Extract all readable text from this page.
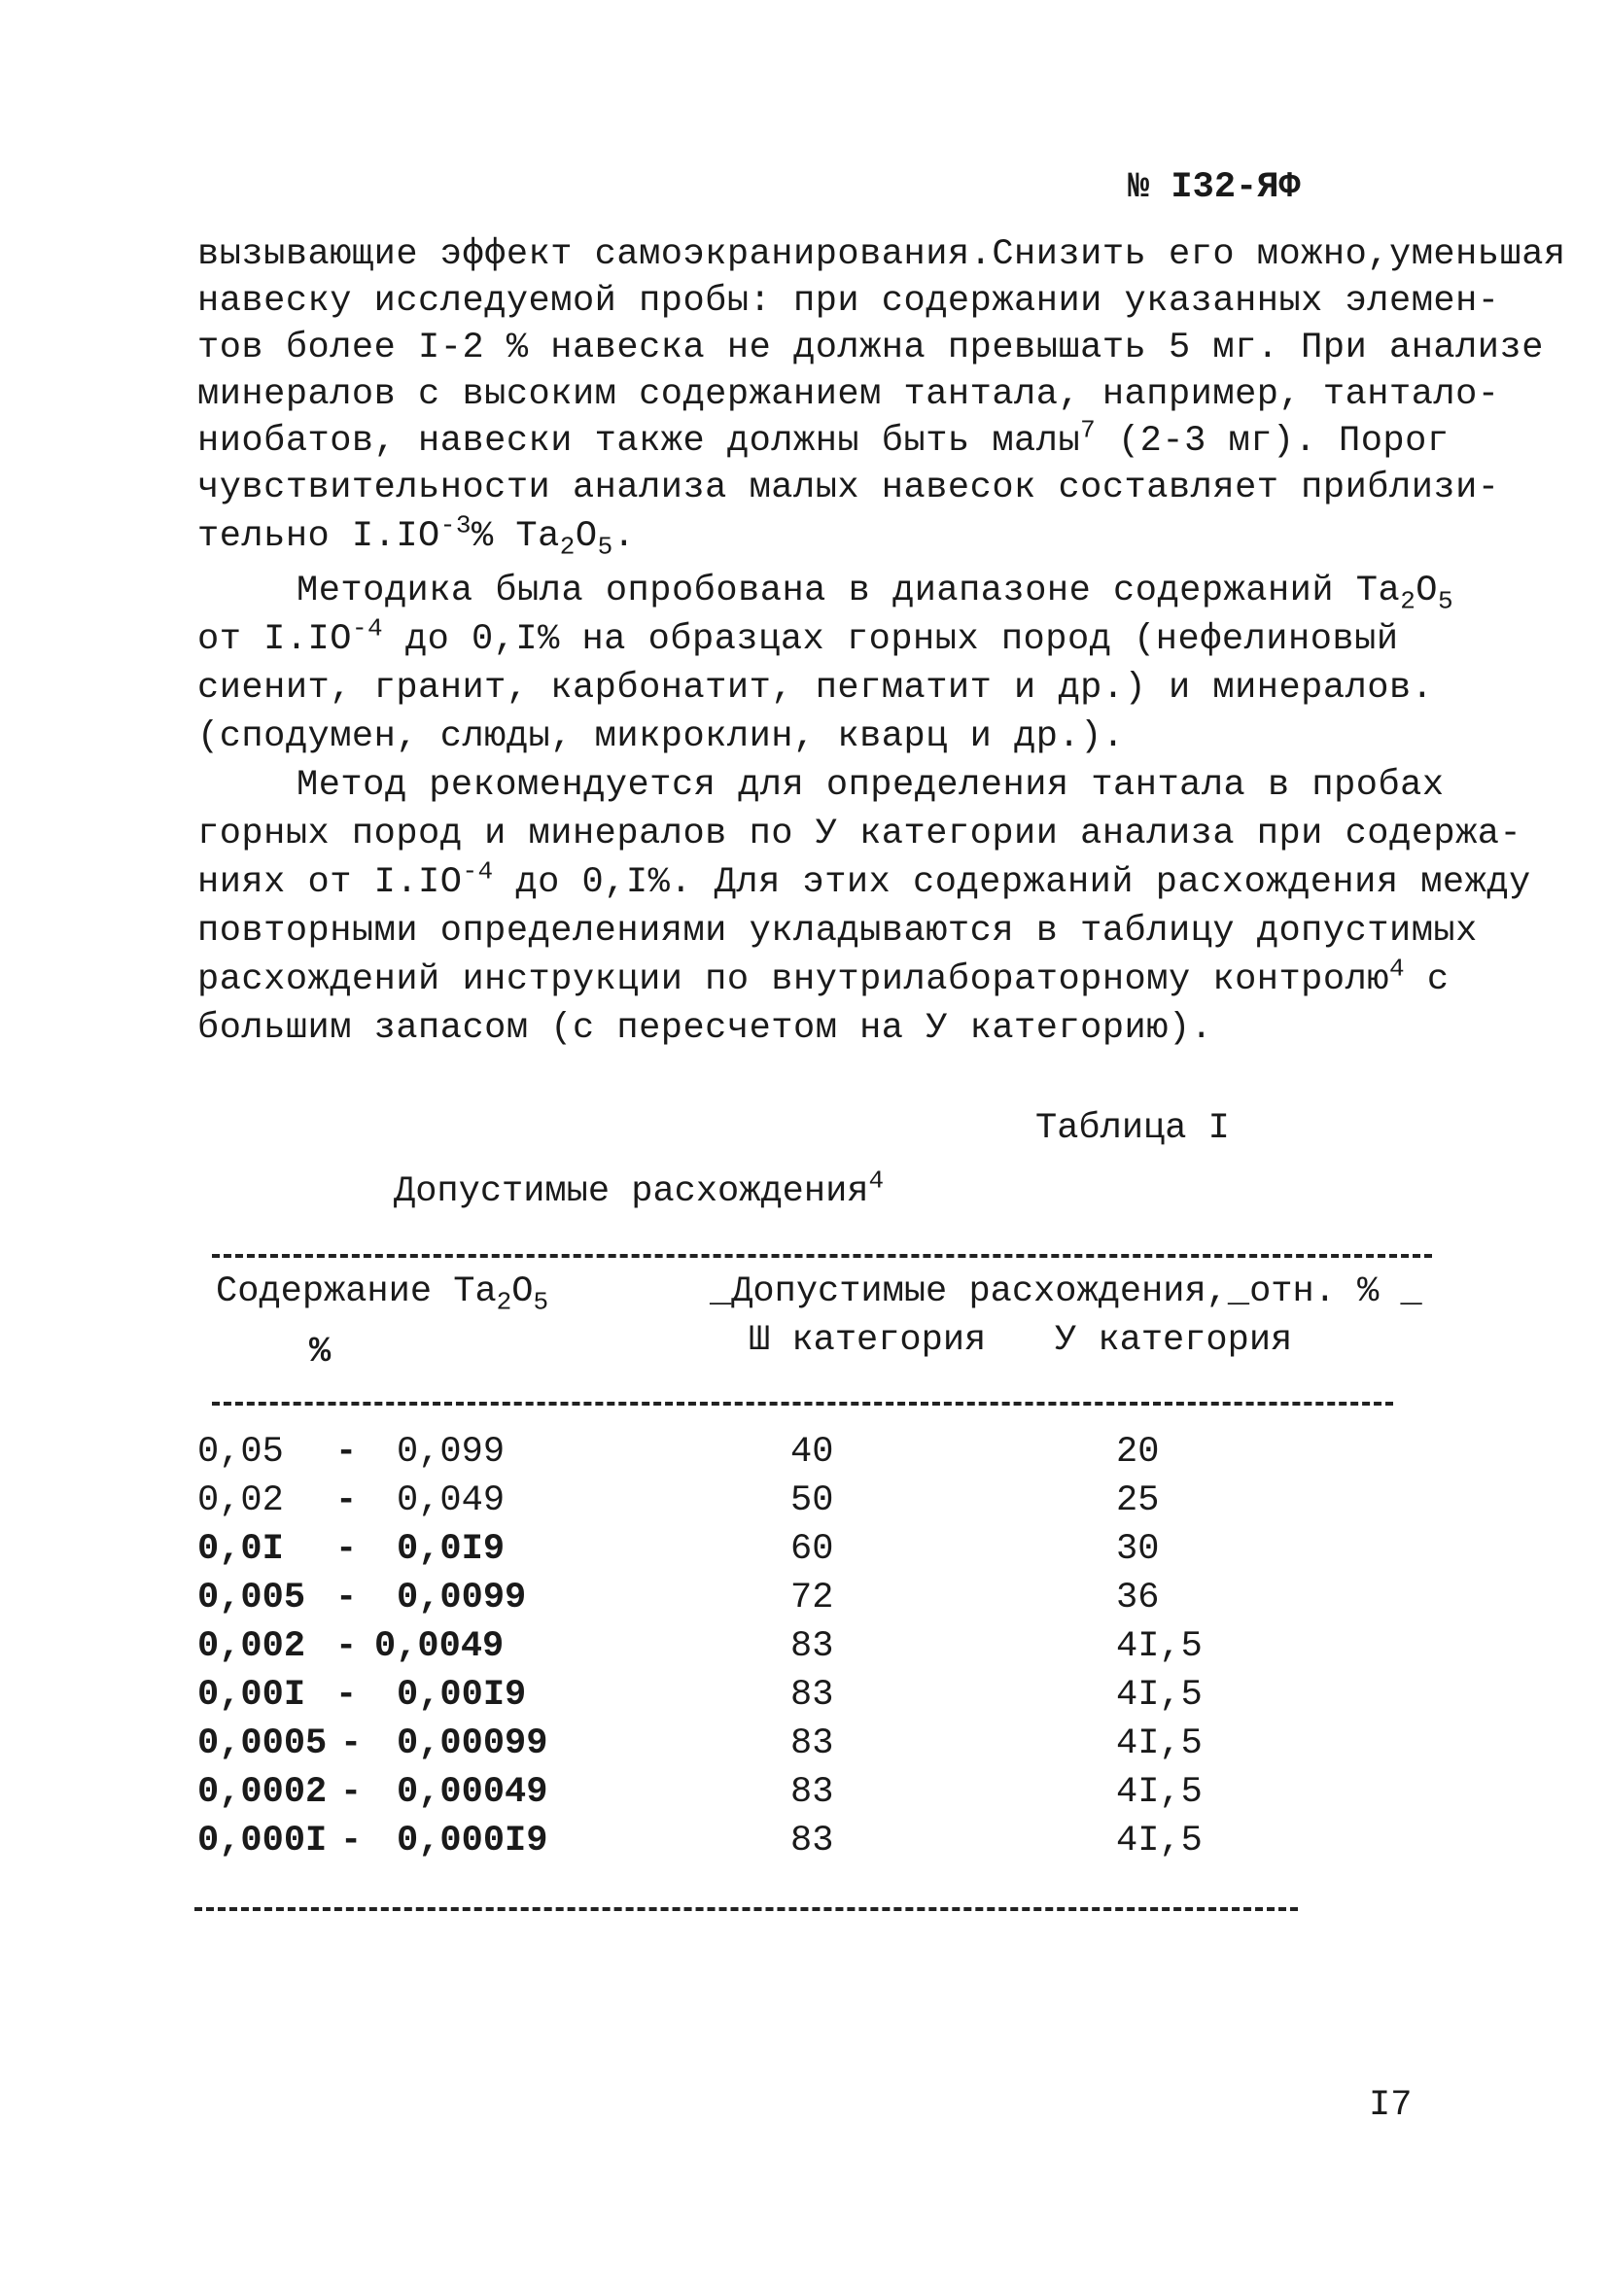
№ I32-ЯФ
вызывающие эффект самоэкранирования.Снизить его можно,уменьшая
навеску исследуемой пробы: при содержании указанных элемен-
тов более I-2 % навеска не должна превышать 5 мг. При анализе
минералов с высоким содержанием тантала, например, тантало-
ниобатов, навески также должны быть малы$^7$ (2-3 мг). Порог
чувствительности анализа малых навесок составляет приблизи-
тельно $I.IO^{-3}\%$ $Ta_2O_5$.
Методика была опробована в диапазоне содержаний $Ta_2O_5$
от $I.IO^{-4}$ до 0,I% на образцах горных пород (нефелиновый
сиенит, гранит, карбонатит, пегматит и др.) и минералов.
(сподумен, слюды, микроклин, кварц и др.).
Метод рекомендуется для определения тантала в пробах
горных пород и минералов по У категории анализа при содержа-
ниях от $I.IO^{-4}$ до 0,I%. Для этих содержаний расхождения между
повторными определениями укладываются в таблицу допустимых
расхождений инструкции по внутрилабораторному контролю$^4$ с
большим запасом (с пересчетом на У категорию).
Таблица I
Допустимые расхождения$^4$
Содержание $Ta_2O_5$
%
_Допустимые расхождения,_отн. % _
Ш категория У категория
0,05 - 0,099	40	20
0,02 - 0,049	50	25
0,0I - 0,0I9	60	30
0,005 - 0,0099	72	36
0,002 - 0,0049	83	4I,5
0,00I - 0,00I9	83	4I,5
0,0005 - 0,00099	83	4I,5
0,0002 - 0,00049	83	4I,5
0,000I - 0,000I9	83	4I,5
I7
